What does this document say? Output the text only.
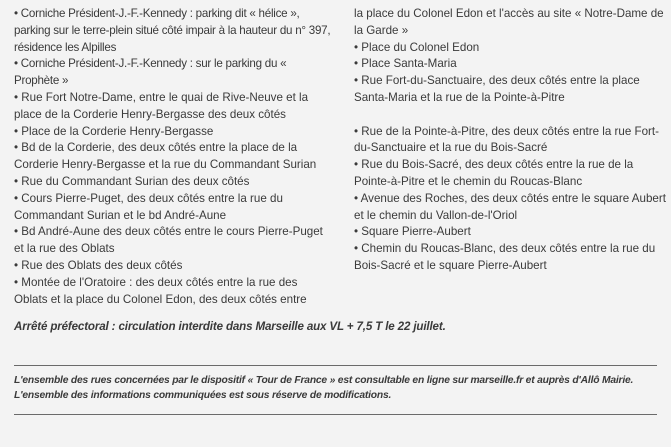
• Corniche Président-J.-F.-Kennedy : parking dit « hélice », parking sur le terre-plein situé côté impair à la hauteur du n° 397, résidence les Alpilles

• Corniche Président-J.-F.-Kennedy : sur le parking du « Prophète »

• Rue Fort Notre-Dame, entre le quai de Rive-Neuve et la place de la Corderie Henry-Bergasse des deux côtés

• Place de la Corderie Henry-Bergasse

• Bd de la Corderie, des deux côtés entre la place de la Corderie Henry-Bergasse et la rue du Commandant Surian

• Rue du Commandant Surian des deux côtés

• Cours Pierre-Puget, des deux côtés entre la rue du Commandant Surian et le bd André-Aune

• Bd André-Aune des deux côtés entre le cours Pierre-Puget et la rue des Oblats

• Rue des Oblats des deux côtés

• Montée de l'Oratoire : des deux côtés entre la rue des Oblats et la place du Colonel Edon, des deux côtés entre

la place du Colonel Edon et l'accès au site « Notre-Dame de la Garde »

• Place du Colonel Edon

• Place Santa-Maria

• Rue Fort-du-Sanctuaire, des deux côtés entre la place Santa-Maria et la rue de la Pointe-à-Pitre

• Rue de la Pointe-à-Pitre, des deux côtés entre la rue Fort-du-Sanctuaire et la rue du Bois-Sacré

• Rue du Bois-Sacré, des deux côtés entre la rue de la Pointe-à-Pitre et le chemin du Roucas-Blanc

• Avenue des Roches, des deux côtés entre le square Aubert et le chemin du Vallon-de-l'Oriol

• Square Pierre-Aubert

• Chemin du Roucas-Blanc, des deux côtés entre la rue du Bois-Sacré et le square Pierre-Aubert

Arrêté préfectoral : circulation interdite dans Marseille aux VL + 7,5 T le 22 juillet.

L'ensemble des rues concernées par le dispositif « Tour de France » est consultable en ligne sur marseille.fr et auprès d'Allô Mairie.

L'ensemble des informations communiquées est sous réserve de modifications.
